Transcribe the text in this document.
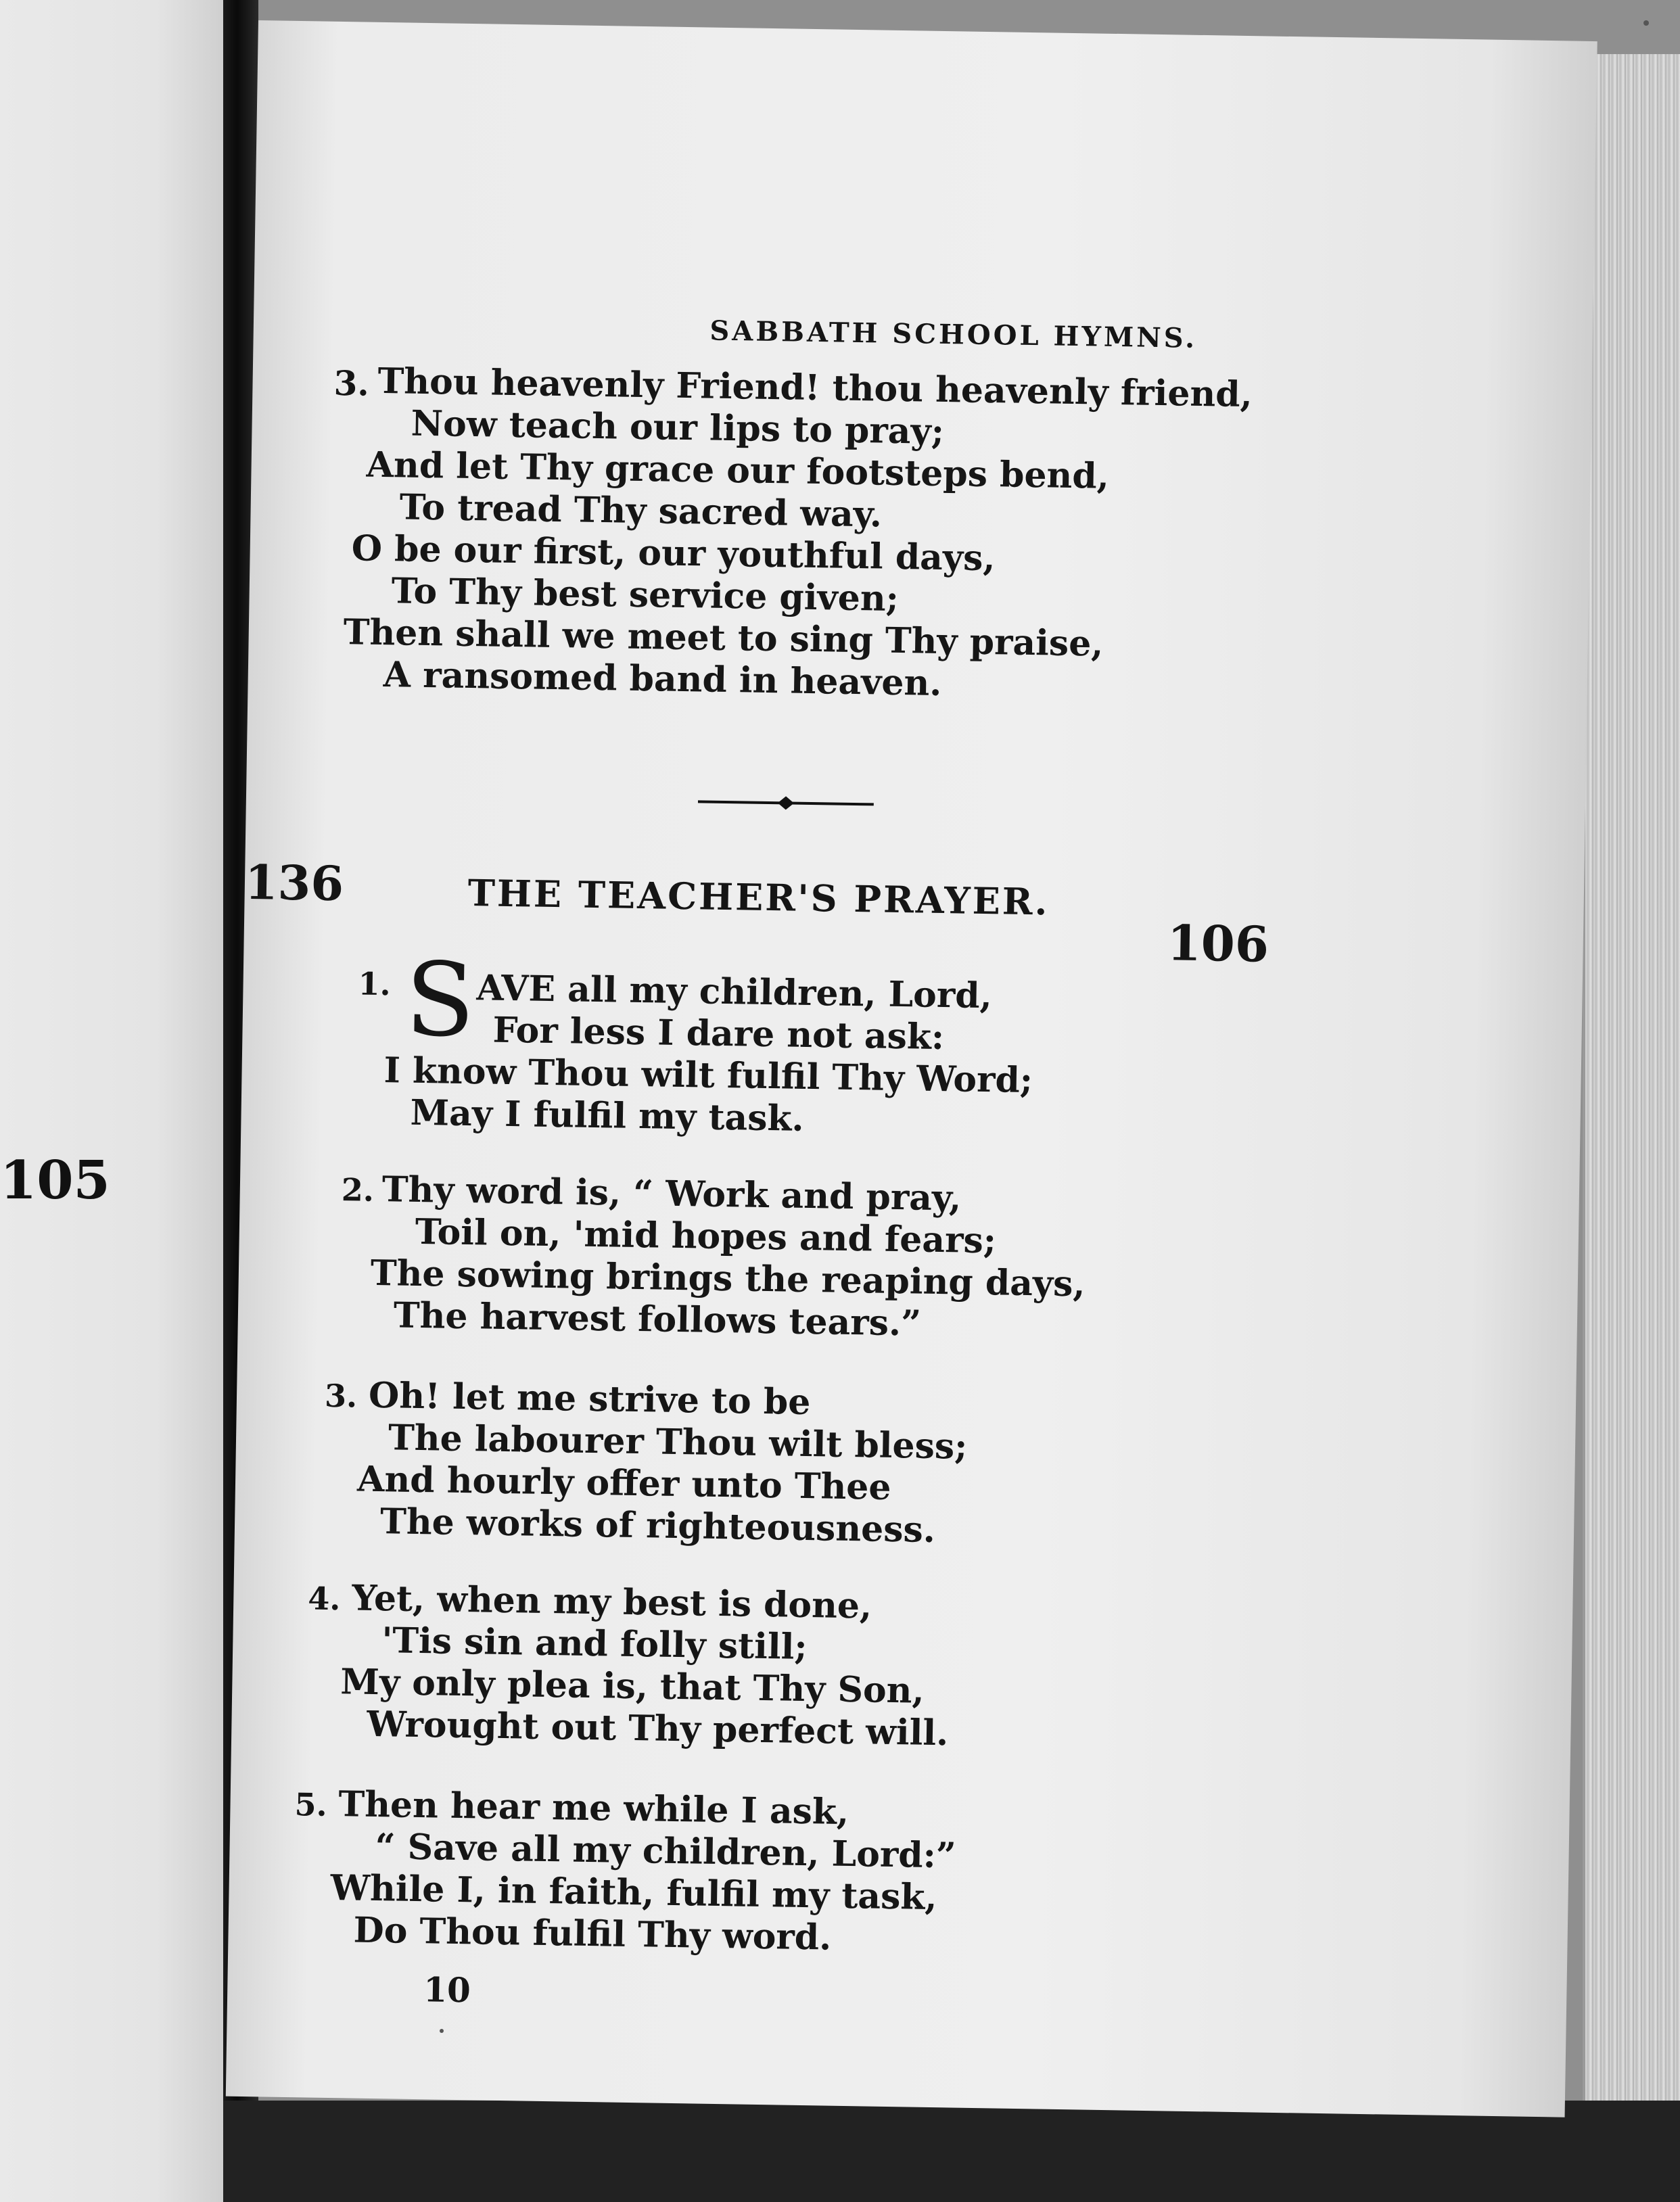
105
SABBATH SCHOOL HYMNS.
3. Thou heavenly Friend! thou heavenly friend,
Now teach our lips to pray;
And let Thy grace our footsteps bend,
To tread Thy sacred way.
O be our first, our youthful days,
To Thy best service given;
Then shall we meet to sing Thy praise,
A ransomed band in heaven.
136	THE TEACHER'S PRAYER.
106
1. S AVE all my children, Lord,
For less I dare not ask:
I know Thou wilt fulfil Thy Word;
May I fulfil my task.
2. Thy word is, “ Work and pray,
Toil on, 'mid hopes and fears;
The sowing brings the reaping days,
The harvest follows tears.”
3. Oh! let me strive to be
The labourer Thou wilt bless;
And hourly offer unto Thee
The works of righteousness.
4. Yet, when my best is done,
'Tis sin and folly still;
My only plea is, that Thy Son,
Wrought out Thy perfect will.
5. Then hear me while I ask,
“ Save all my children, Lord:”
While I, in faith, fulfil my task,
Do Thou fulfil Thy word.
10
